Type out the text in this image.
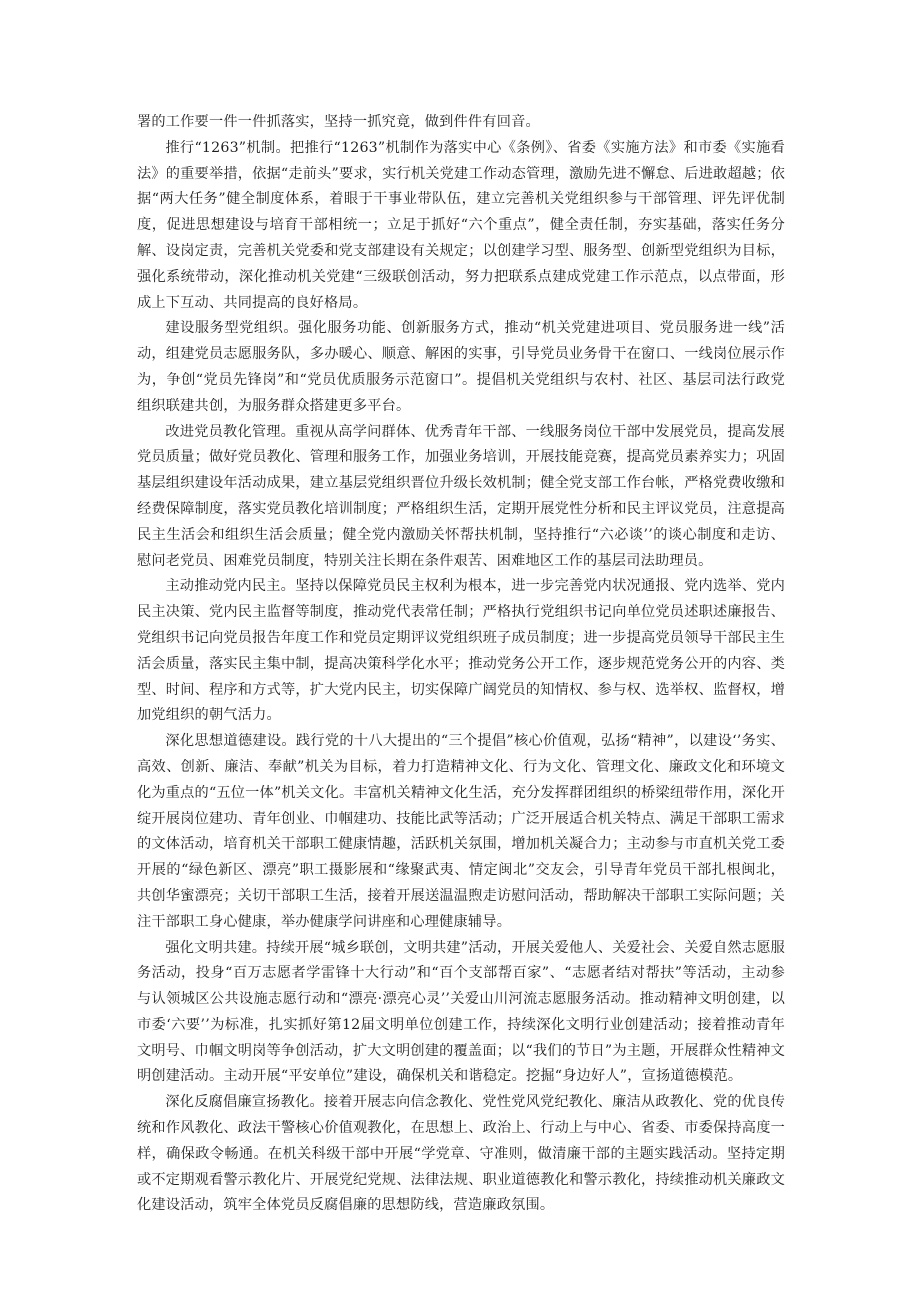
署的工作要一件一件抓落实，坚持一抓究竟，做到件件有回音。

推行“1263”机制。把推行“1263”机制作为落实中心《条例》、省委《实施方法》和市委《实施看法》的重要举措，依据“走前头”要求，实行机关党建工作动态管理，激励先进不懈怠、后进敢超越；依据“两大任务”健全制度体系，着眼于干事业带队伍，建立完善机关党组织参与干部管理、评先评优制度，促进思想建设与培育干部相统一；立足于抓好“六个重点”，健全责任制，夯实基础，落实任务分解、设岗定责，完善机关党委和党支部建设有关规定；以创建学习型、服务型、创新型党组织为目标，强化系统带动，深化推动机关党建“三级联创活动，努力把联系点建成党建工作示范点，以点带面，形成上下互动、共同提高的良好格局。

建设服务型党组织。强化服务功能、创新服务方式，推动“机关党建进项目、党员服务进一线”活动，组建党员志愿服务队，多办暖心、顺意、解困的实事，引导党员业务骨干在窗口、一线岗位展示作为，争创“党员先锋岗”和“党员优质服务示范窗口”。提倡机关党组织与农村、社区、基层司法行政党组织联建共创，为服务群众搭建更多平台。

改进党员教化管理。重视从高学问群体、优秀青年干部、一线服务岗位干部中发展党员，提高发展党员质量；做好党员教化、管理和服务工作，加强业务培训，开展技能竞赛，提高党员素养实力；巩固基层组织建设年活动成果，建立基层党组织晋位升级长效机制；健全党支部工作台帐，严格党费收缴和经费保障制度，落实党员教化培训制度；严格组织生活，定期开展党性分析和民主评议党员，注意提高民主生活会和组织生活会质量；健全党内激励关怀帮扶机制，坚持推行“六必谈’’的谈心制度和走访、慰问老党员、困难党员制度，特别关注长期在条件艰苦、困难地区工作的基层司法助理员。

主动推动党内民主。坚持以保障党员民主权利为根本，进一步完善党内状况通报、党内选举、党内民主决策、党内民主监督等制度，推动党代表常任制；严格执行党组织书记向单位党员述职述廉报告、党组织书记向党员报告年度工作和党员定期评议党组织班子成员制度；进一步提高党员领导干部民主生活会质量，落实民主集中制，提高决策科学化水平；推动党务公开工作，逐步规范党务公开的内容、类型、时间、程序和方式等，扩大党内民主，切实保障广阔党员的知情权、参与权、选举权、监督权，增加党组织的朝气活力。

深化思想道德建设。践行党的十八大提出的“三个提倡”核心价值观，弘扬“精神”，以建设‘’务实、高效、创新、廉洁、奉献”机关为目标，着力打造精神文化、行为文化、管理文化、廉政文化和环境文化为重点的“五位一体”机关文化。丰富机关精神文化生活，充分发挥群团组织的桥梁纽带作用，深化开绽开展岗位建功、青年创业、巾帼建功、技能比武等活动；广泛开展适合机关特点、满足干部职工需求的文体活动，培育机关干部职工健康情趣，活跃机关氛围，增加机关凝合力；主动参与市直机关党工委开展的“绿色新区、漂亮”职工摄影展和“缘聚武夷、情定闽北”交友会，引导青年党员干部扎根闽北，共创华蜜漂亮；关切干部职工生活，接着开展送温温煦走访慰问活动，帮助解决干部职工实际问题；关注干部职工身心健康，举办健康学问讲座和心理健康辅导。

强化文明共建。持续开展“城乡联创，文明共建”活动，开展关爱他人、关爱社会、关爱自然志愿服务活动，投身“百万志愿者学雷锋十大行动”和“百个支部帮百家”、“志愿者结对帮扶”等活动，主动参与认领城区公共设施志愿行动和“漂亮·漂亮心灵’’关爱山川河流志愿服务活动。推动精神文明创建，以市委‘六要’’为标准，扎实抓好第12届文明单位创建工作，持续深化文明行业创建活动；接着推动青年文明号、巾帼文明岗等争创活动，扩大文明创建的覆盖面；以“我们的节日”为主题，开展群众性精神文明创建活动。主动开展“平安单位”建设，确保机关和谐稳定。挖掘“身边好人”，宣扬道德模范。

深化反腐倡廉宣扬教化。接着开展志向信念教化、党性党风党纪教化、廉洁从政教化、党的优良传统和作风教化、政法干警核心价值观教化，在思想上、政治上、行动上与中心、省委、市委保持高度一样，确保政令畅通。在机关科级干部中开展“学党章、守准则，做清廉干部的主题实践活动。坚持定期或不定期观看警示教化片、开展党纪党规、法律法规、职业道德教化和警示教化，持续推动机关廉政文化建设活动，筑牢全体党员反腐倡廉的思想防线，营造廉政氛围。
